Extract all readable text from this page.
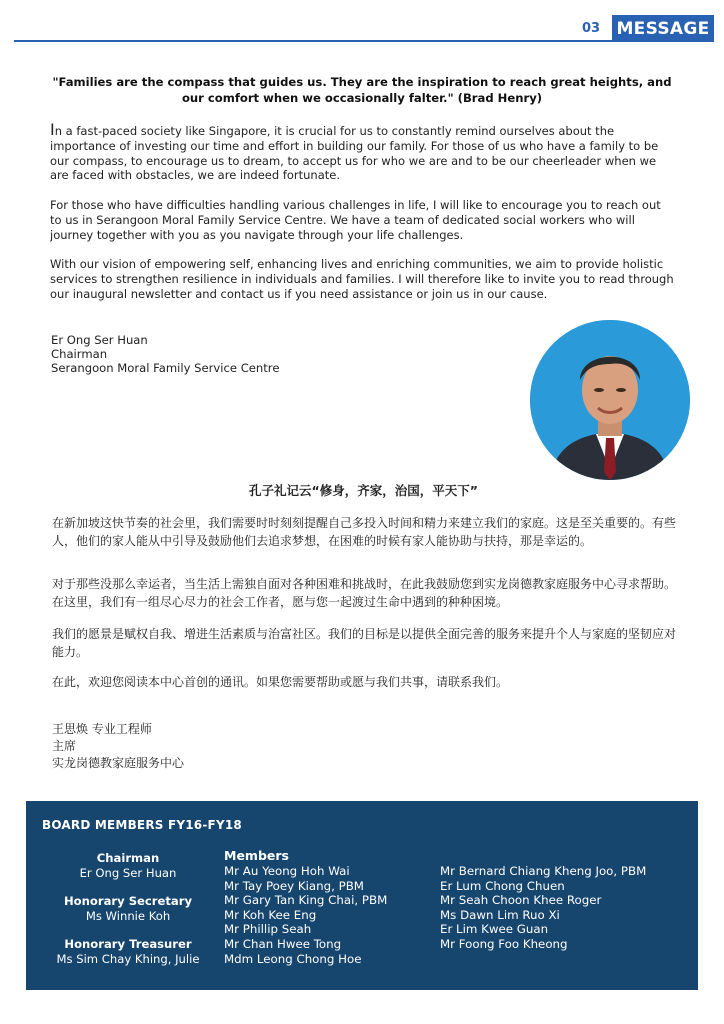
03 MESSAGE
"Families are the compass that guides us. They are the inspiration to reach great heights, and our comfort when we occasionally falter." (Brad Henry)
In a fast-paced society like Singapore, it is crucial for us to constantly remind ourselves about the importance of investing our time and effort in building our family. For those of us who have a family to be our compass, to encourage us to dream, to accept us for who we are and to be our cheerleader when we are faced with obstacles, we are indeed fortunate.
For those who have difficulties handling various challenges in life, I will like to encourage you to reach out to us in Serangoon Moral Family Service Centre. We have a team of dedicated social workers who will journey together with you as you navigate through your life challenges.
With our vision of empowering self, enhancing lives and enriching communities, we aim to provide holistic services to strengthen resilience in individuals and families. I will therefore like to invite you to read through our inaugural newsletter and contact us if you need assistance or join us in our cause.
Er Ong Ser Huan
Chairman
Serangoon Moral Family Service Centre
孔子礼记云“修身，齐家，治国，平天下”
在新加坡这快节奏的社会里，我们需要时时刻刻提醒自己多投入时间和精力来建立我们的家庭。这是至关重要的。有些人，他们的家人能从中引导及鼓励他们去追求梦想，在困难的时候有家人能协助与扶持，那是幸运的。
对于那些没那么幸运者，当生活上需独自面对各种困难和挑战时，在此我鼓励您到实龙岗德教家庭服务中心寻求帮助。在这里，我们有一组尽心尽力的社会工作者，愿与您一起渡过生命中遇到的种种困境。
我们的愿景是赋权自我、增进生活素质与治富社区。我们的目标是以提供全面完善的服务来提升个人与家庭的坚韧应对能力。
在此，欢迎您阅读本中心首创的通讯。如果您需要帮助或愿与我们共事，请联系我们。
王思焕 专业工程师
主席
实龙岗德教家庭服务中心
BOARD MEMBERS FY16-FY18
Chairman
Er Ong Ser Huan
Honorary Secretary
Ms Winnie Koh
Honorary Treasurer
Ms Sim Chay Khing, Julie
Members
Mr Au Yeong Hoh Wai
Mr Tay Poey Kiang, PBM
Mr Gary Tan King Chai, PBM
Mr Koh Kee Eng
Mr Phillip Seah
Mr Chan Hwee Tong
Mdm Leong Chong Hoe
Mr Bernard Chiang Kheng Joo, PBM
Er Lum Chong Chuen
Mr Seah Choon Khee Roger
Ms Dawn Lim Ruo Xi
Er Lim Kwee Guan
Mr Foong Foo Kheong
